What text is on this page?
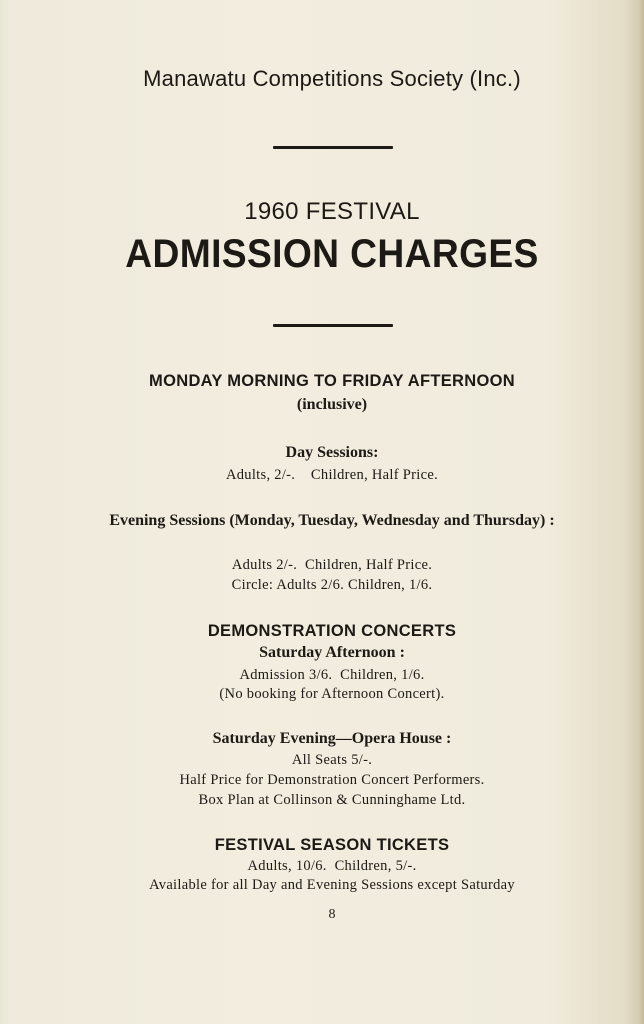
Manawatu Competitions Society (Inc.)
1960 FESTIVAL
ADMISSION CHARGES
MONDAY MORNING TO FRIDAY AFTERNOON
(inclusive)
Day Sessions:
Adults, 2/-.    Children, Half Price.
Evening Sessions (Monday, Tuesday, Wednesday and Thursday) :
Adults 2/-.  Children, Half Price.
Circle: Adults 2/6. Children, 1/6.
DEMONSTRATION CONCERTS
Saturday Afternoon :
Admission 3/6.  Children, 1/6.
(No booking for Afternoon Concert).
Saturday Evening—Opera House :
All Seats 5/-.
Half Price for Demonstration Concert Performers.
Box Plan at Collinson & Cunninghame Ltd.
FESTIVAL SEASON TICKETS
Adults, 10/6.  Children, 5/-.
Available for all Day and Evening Sessions except Saturday
8
